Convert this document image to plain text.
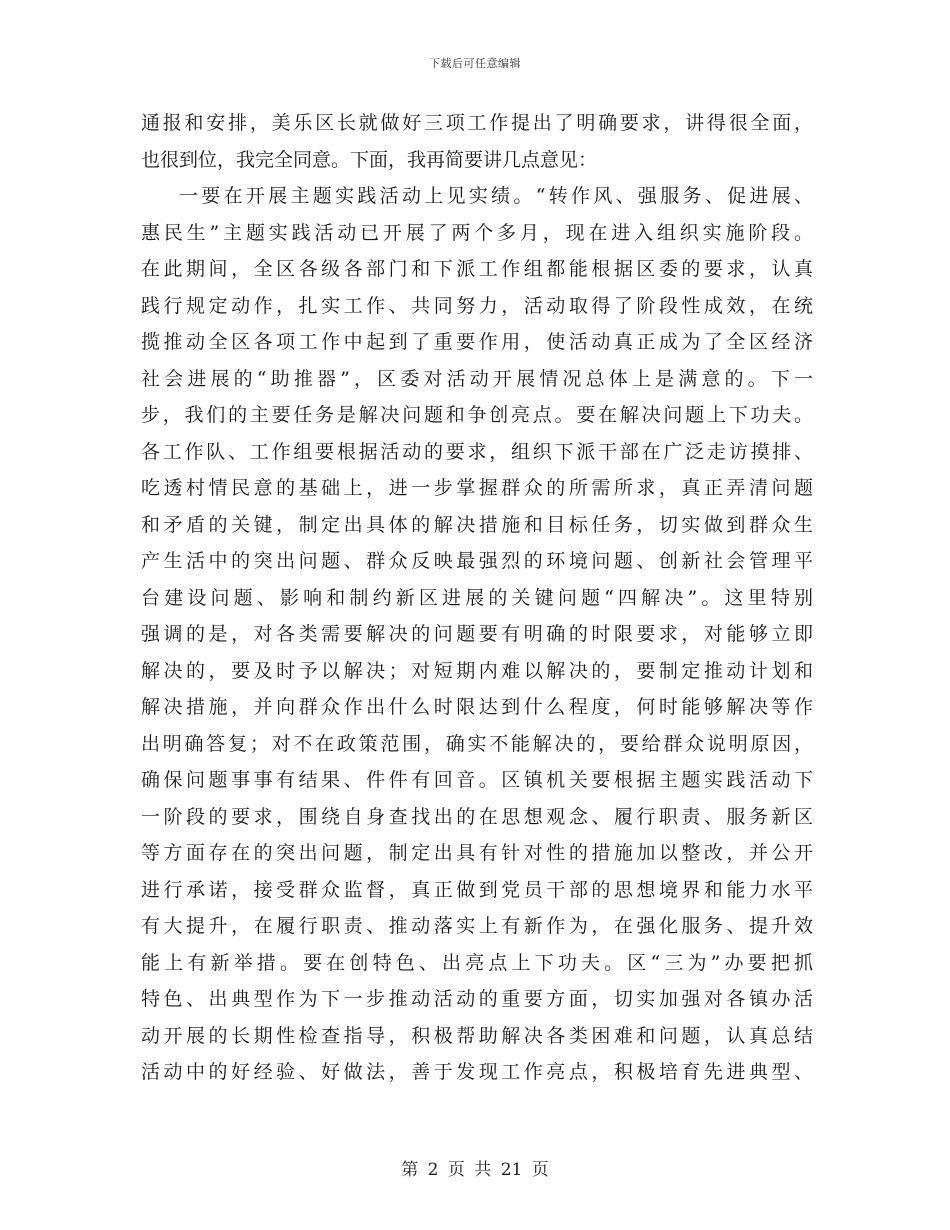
下载后可任意编辑
通报和安排，美乐区长就做好三项工作提出了明确要求，讲得很全面，
也很到位，我完全同意。下面，我再简要讲几点意见：
一要在开展主题实践活动上见实绩。“转作风、强服务、促进展、
惠民生”主题实践活动已开展了两个多月，现在进入组织实施阶段。
在此期间，全区各级各部门和下派工作组都能根据区委的要求，认真
践行规定动作，扎实工作、共同努力，活动取得了阶段性成效，在统
揽推动全区各项工作中起到了重要作用，使活动真正成为了全区经济
社会进展的“助推器”，区委对活动开展情况总体上是满意的。下一
步，我们的主要任务是解决问题和争创亮点。要在解决问题上下功夫。
各工作队、工作组要根据活动的要求，组织下派干部在广泛走访摸排、
吃透村情民意的基础上，进一步掌握群众的所需所求，真正弄清问题
和矛盾的关键，制定出具体的解决措施和目标任务，切实做到群众生
产生活中的突出问题、群众反映最强烈的环境问题、创新社会管理平
台建设问题、影响和制约新区进展的关键问题“四解决”。这里特别
强调的是，对各类需要解决的问题要有明确的时限要求，对能够立即
解决的，要及时予以解决；对短期内难以解决的，要制定推动计划和
解决措施，并向群众作出什么时限达到什么程度，何时能够解决等作
出明确答复；对不在政策范围，确实不能解决的，要给群众说明原因，
确保问题事事有结果、件件有回音。区镇机关要根据主题实践活动下
一阶段的要求，围绕自身查找出的在思想观念、履行职责、服务新区
等方面存在的突出问题，制定出具有针对性的措施加以整改，并公开
进行承诺，接受群众监督，真正做到党员干部的思想境界和能力水平
有大提升，在履行职责、推动落实上有新作为，在强化服务、提升效
能上有新举措。要在创特色、出亮点上下功夫。区“三为”办要把抓
特色、出典型作为下一步推动活动的重要方面，切实加强对各镇办活
动开展的长期性检查指导，积极帮助解决各类困难和问题，认真总结
活动中的好经验、好做法，善于发现工作亮点，积极培育先进典型、
第 2 页 共 21 页
